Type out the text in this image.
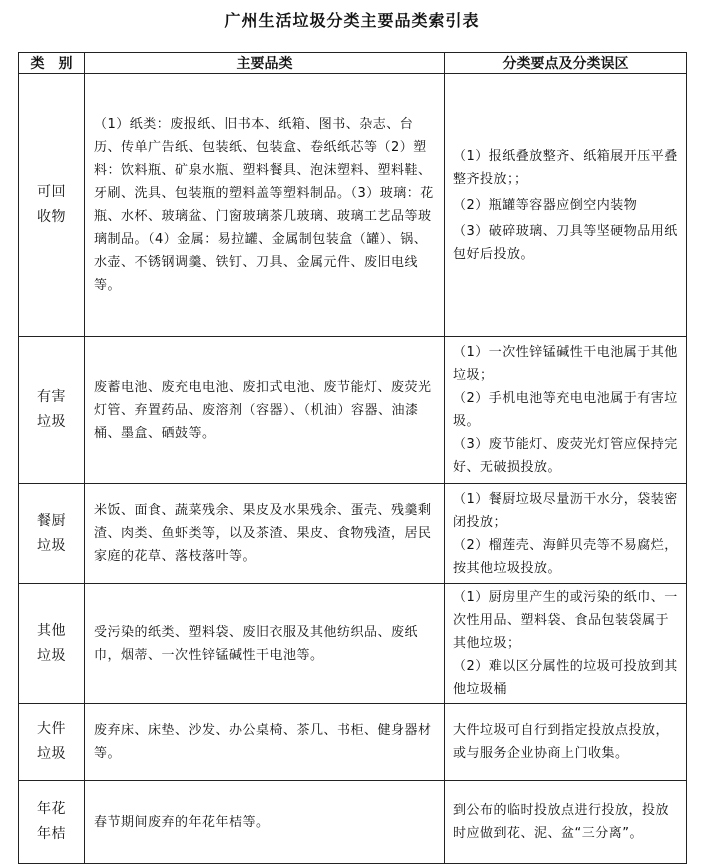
广州生活垃圾分类主要品类索引表
类　别	主要品类	分类要点及分类误区

可回收物	（1）纸类：废报纸、旧书本、纸箱、图书、杂志、台历、传单广告纸、包装纸、包装盒、卷纸纸芯等（2）塑料：饮料瓶、矿泉水瓶、塑料餐具、泡沫塑料、塑料鞋、牙刷、洗具、包装瓶的塑料盖等塑料制品。（3）玻璃：花瓶、水杯、玻璃盆、门窗玻璃茶几玻璃、玻璃工艺品等玻璃制品。（4）金属：易拉罐、金属制包装盒（罐）、锅、水壶、不锈钢调羹、铁钉、刀具、金属元件、废旧电线等。	（1）报纸叠放整齐、纸箱展开压平叠整齐投放；；
（2）瓶罐等容器应倒空内装物
（3）破碎玻璃、刀具等坚硬物品用纸包好后投放。

有害垃圾	废蓄电池、废充电电池、废扣式电池、废节能灯、废荧光灯管、弃置药品、废溶剂（容器）、（机油）容器、油漆桶、墨盒、硒鼓等。	（1）一次性锌锰碱性干电池属于其他垃圾；
（2）手机电池等充电电池属于有害垃圾。
（3）废节能灯、废荧光灯管应保持完好、无破损投放。

餐厨垃圾	米饭、面食、蔬菜残余、果皮及水果残余、蛋壳、残羹剩渣、肉类、鱼虾类等，以及茶渣、果皮、食物残渣，居民家庭的花草、落枝落叶等。	（1）餐厨垃圾尽量沥干水分，袋装密闭投放；
（2）榴莲壳、海鲜贝壳等不易腐烂，按其他垃圾投放。

其他垃圾	受污染的纸类、塑料袋、废旧衣服及其他纺织品、废纸巾，烟蒂、一次性锌锰碱性干电池等。	（1）厨房里产生的或污染的纸巾、一次性用品、塑料袋、食品包装袋属于其他垃圾；
（2）难以区分属性的垃圾可投放到其他垃圾桶

大件垃圾	废弃床、床垫、沙发、办公桌椅、茶几、书柜、健身器材等。	大件垃圾可自行到指定投放点投放，或与服务企业协商上门收集。

年花年桔	春节期间废弃的年花年桔等。	到公布的临时投放点进行投放，投放时应做到花、泥、盆“三分离”。
